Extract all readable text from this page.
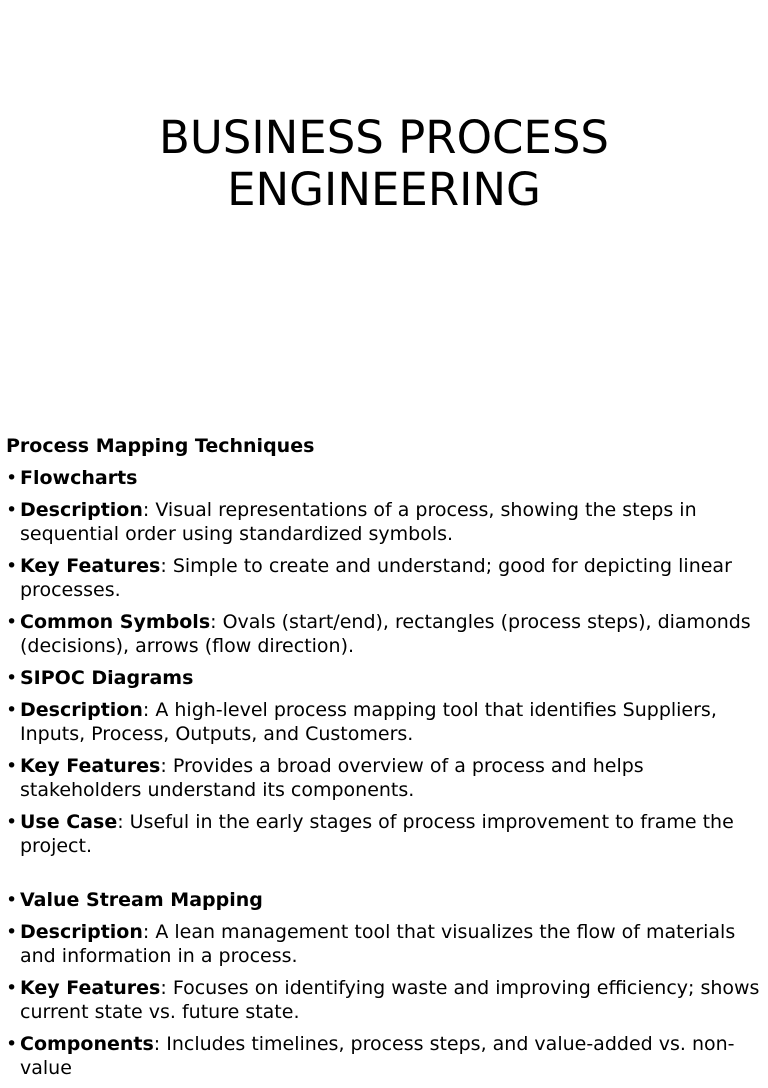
BUSINESS PROCESS
ENGINEERING
Process Mapping Techniques
• Flowcharts
• Description: Visual representations of a process, showing the steps in sequential order using standardized symbols.
• Key Features: Simple to create and understand; good for depicting linear processes.
• Common Symbols: Ovals (start/end), rectangles (process steps), diamonds (decisions), arrows (flow direction).
• SIPOC Diagrams
• Description: A high-level process mapping tool that identifies Suppliers, Inputs, Process, Outputs, and Customers.
• Key Features: Provides a broad overview of a process and helps stakeholders understand its components.
• Use Case: Useful in the early stages of process improvement to frame the project.
• Value Stream Mapping
• Description: A lean management tool that visualizes the flow of materials and information in a process.
• Key Features: Focuses on identifying waste and improving efficiency; shows current state vs. future state.
• Components: Includes timelines, process steps, and value-added vs. non-value
